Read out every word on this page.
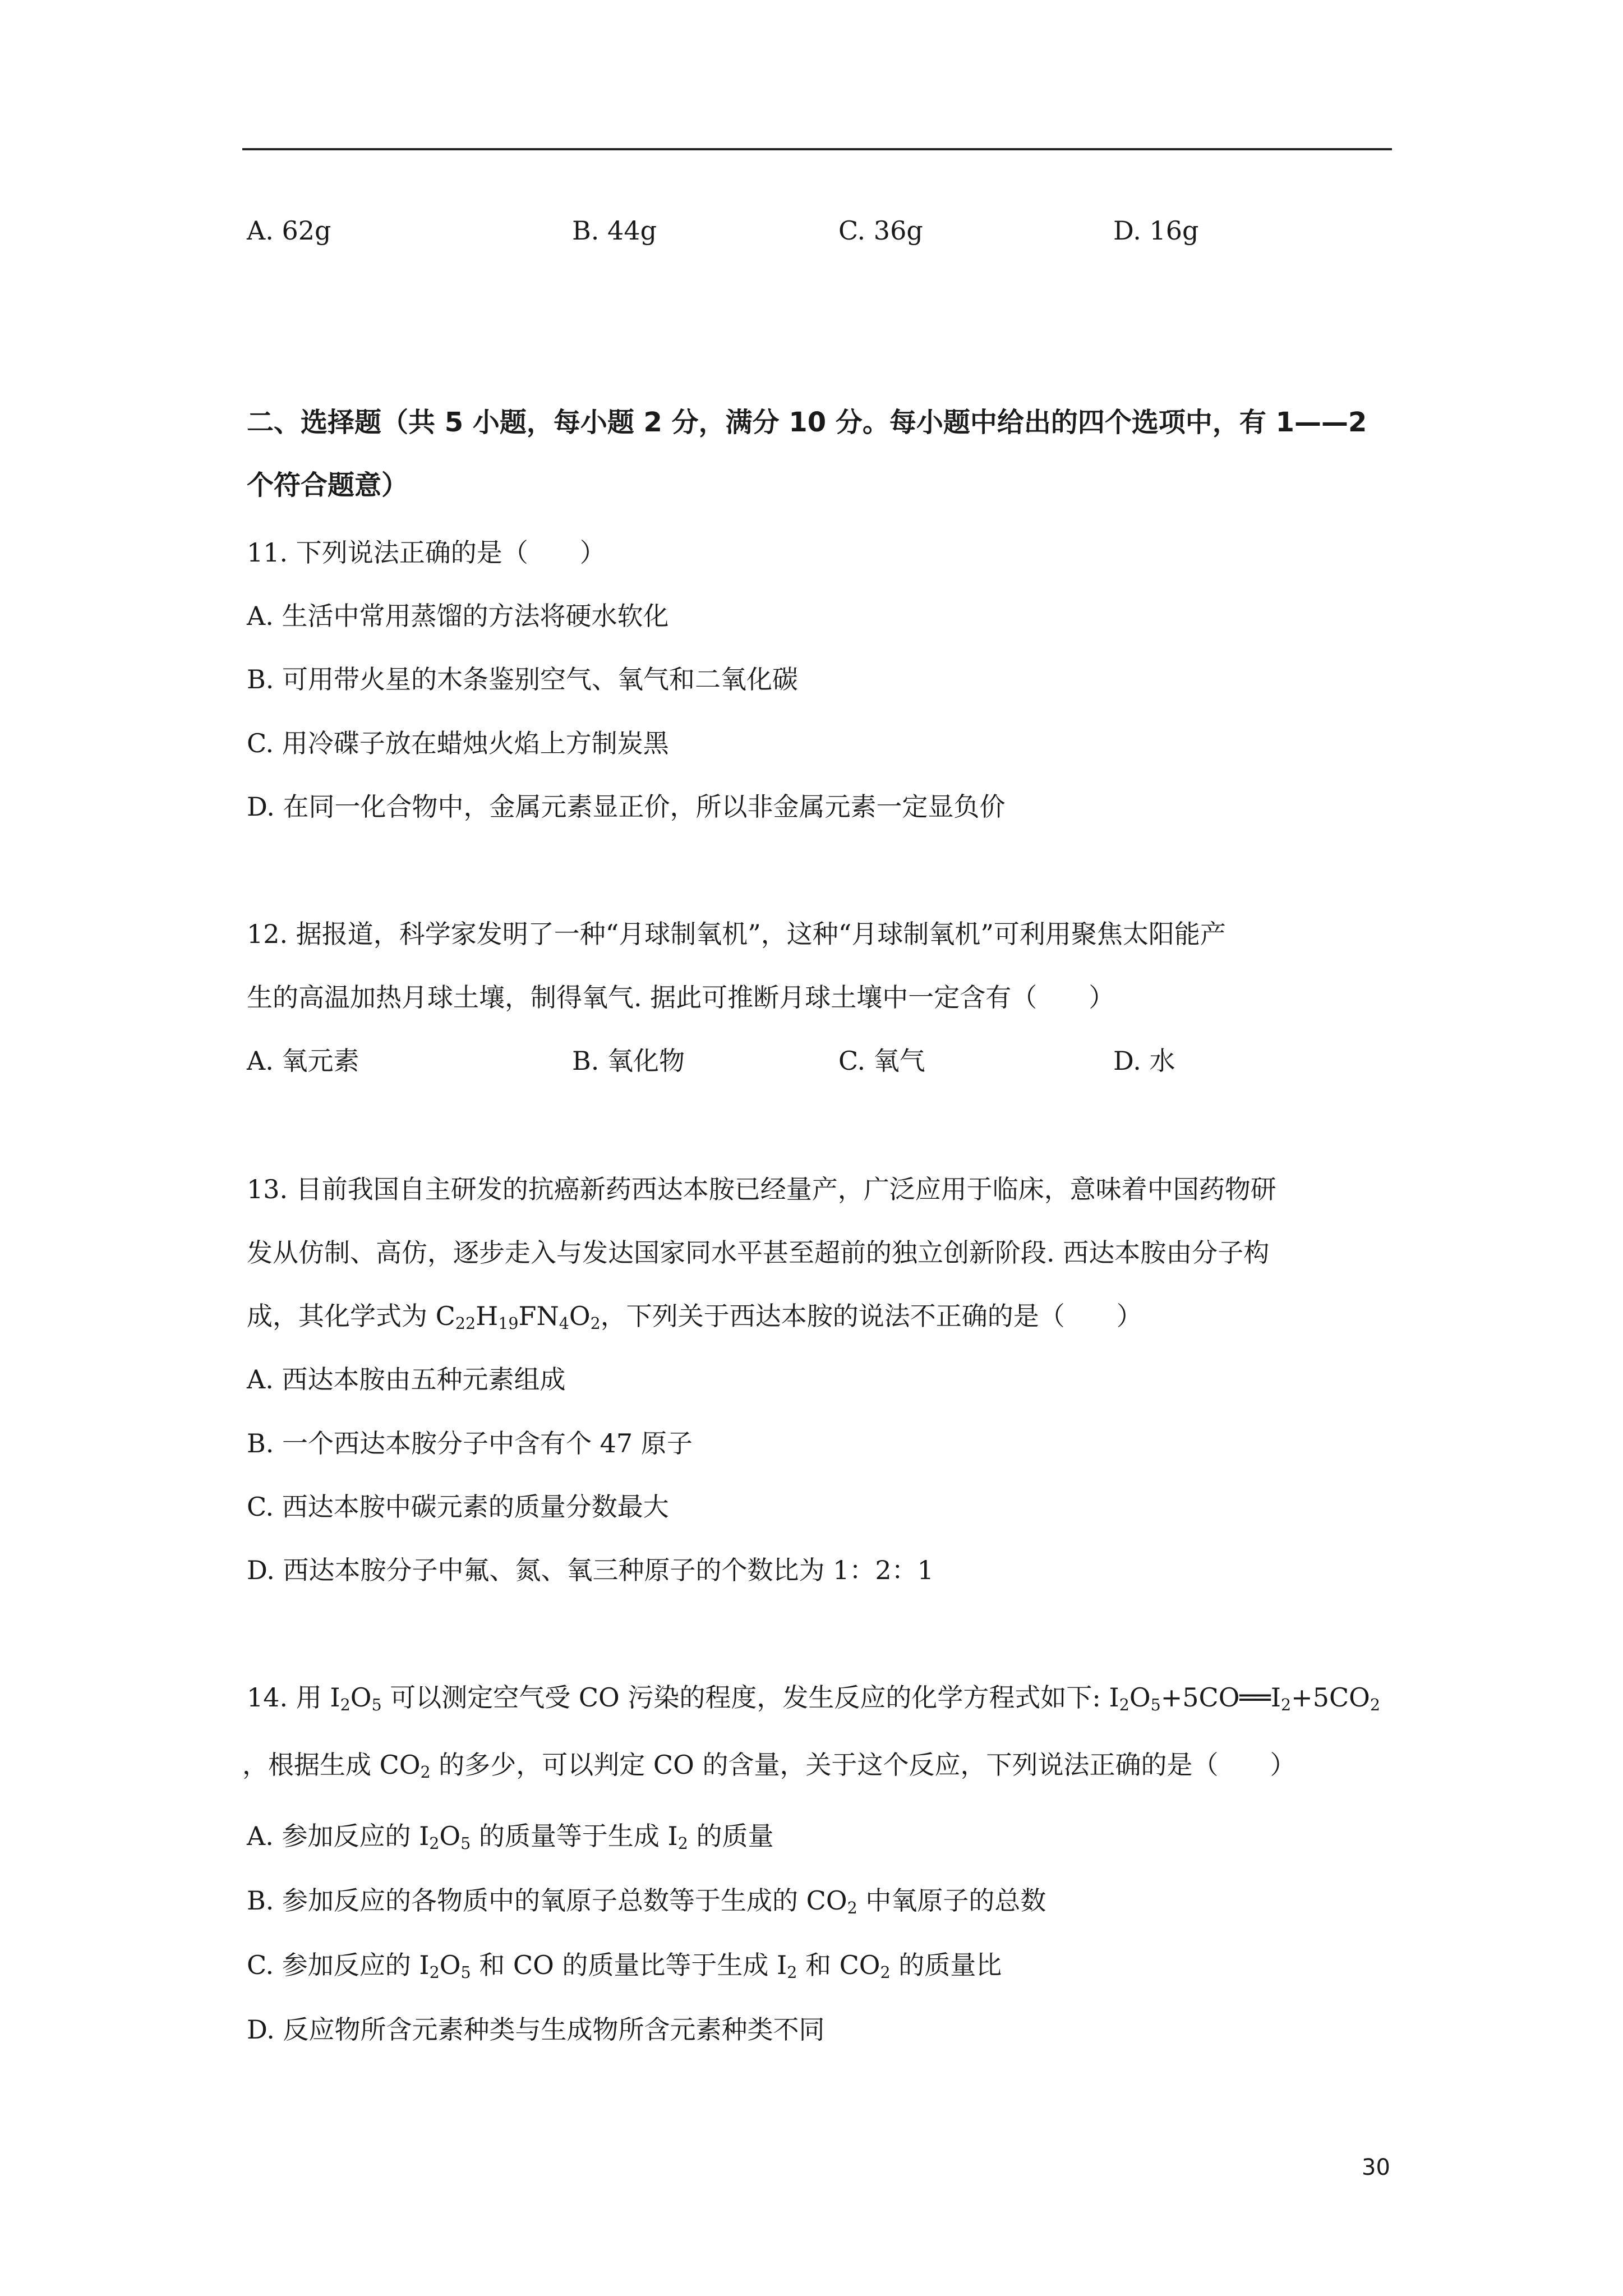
A. 62g	B. 44g	C. 36g	D. 16g
二、选择题（共 5 小题，每小题 2 分，满分 10 分。每小题中给出的四个选项中，有 1——2
个符合题意）
11. 下列说法正确的是（　　）
A. 生活中常用蒸馏的方法将硬水软化
B. 可用带火星的木条鉴别空气、氧气和二氧化碳
C. 用冷碟子放在蜡烛火焰上方制炭黑
D. 在同一化合物中，金属元素显正价，所以非金属元素一定显负价
12. 据报道，科学家发明了一种“月球制氧机”，这种“月球制氧机”可利用聚焦太阳能产
生的高温加热月球土壤，制得氧气. 据此可推断月球土壤中一定含有（　　）
A. 氧元素	B. 氧化物	C. 氧气	D. 水
13. 目前我国自主研发的抗癌新药西达本胺已经量产，广泛应用于临床，意味着中国药物研
发从仿制、高仿，逐步走入与发达国家同水平甚至超前的独立创新阶段. 西达本胺由分子构
成，其化学式为 $C_{22}H_{19}FN_4O_2$，下列关于西达本胺的说法不正确的是（　　）
A. 西达本胺由五种元素组成
B. 一个西达本胺分子中含有个 47 原子
C. 西达本胺中碳元素的质量分数最大
D. 西达本胺分子中氟、氮、氧三种原子的个数比为 1：2：1
14. 用 $I_2O_5$ 可以测定空气受 CO 污染的程度，发生反应的化学方程式如下: $I_2O_5+5CO══I_2+5CO_2$
，根据生成 $CO_2$ 的多少，可以判定 CO 的含量，关于这个反应，下列说法正确的是（　　）
A. 参加反应的 $I_2O_5$ 的质量等于生成 $I_2$ 的质量
B. 参加反应的各物质中的氧原子总数等于生成的 $CO_2$ 中氧原子的总数
C. 参加反应的 $I_2O_5$ 和 CO 的质量比等于生成 $I_2$ 和 $CO_2$ 的质量比
D. 反应物所含元素种类与生成物所含元素种类不同
30
